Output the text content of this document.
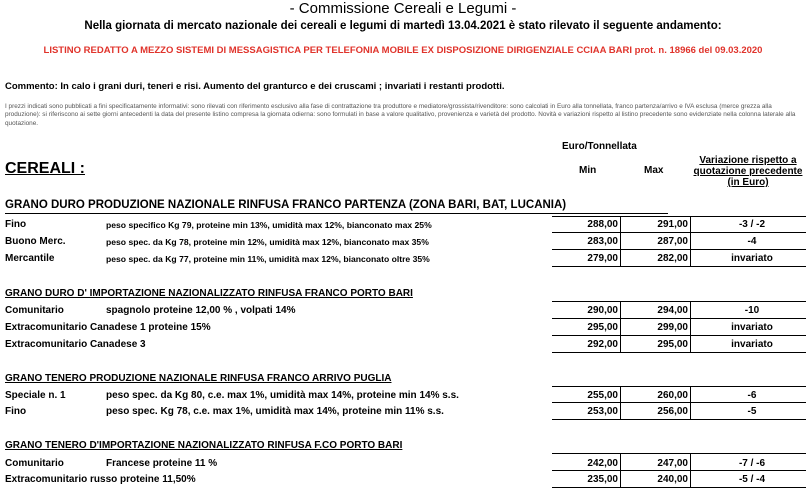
- Commissione Cereali e Legumi -
Nella giornata di mercato nazionale dei cereali e legumi di martedì 13.04.2021 è stato rilevato il seguente andamento:
LISTINO REDATTO A MEZZO SISTEMI DI MESSAGISTICA PER TELEFONIA MOBILE EX DISPOSIZIONE DIRIGENZIALE CCIAA BARI prot. n. 18966 del 09.03.2020
Commento: In calo i grani duri, teneri e risi. Aumento del granturco e dei cruscami ; invariati i restanti prodotti.
I prezzi indicati sono pubblicati a fini specificatamente informativi: sono rilevati con riferimento esclusivo alla fase di contrattazione tra produttore e mediatore/grossista/rivenditore: sono calcolati in Euro alla tonnellata, franco partenza/arrivo e IVA esclusa (merce grezza alla produzione): si riferiscono ai sette giorni antecedenti la data del presente listino compresa la giornata odierna: sono formulati in base a valore qualitativo, provenienza e varietà del prodotto. Novità e variazioni rispetto al listino precedente sono evidenziate nella colonna laterale alla quotazione.
CEREALI :
Euro/Tonnellata
Min	Max
Variazione rispetto a quotazione precedente (in Euro)
GRANO DURO PRODUZIONE NAZIONALE RINFUSA FRANCO PARTENZA (ZONA BARI, BAT, LUCANIA)
Fino	peso specifico Kg 79, proteine min 13%, umidità max 12%, bianconato max 25%	288,00	291,00	-3 / -2
Buono Merc.	peso spec. da Kg 78, proteine min 12%, umidità max 12%, bianconato max 35%	283,00	287,00	-4
Mercantile	peso spec. da Kg 77, proteine min 11%, umidità max 12%, bianconato oltre 35%	279,00	282,00	invariato
GRANO DURO D' IMPORTAZIONE NAZIONALIZZATO RINFUSA FRANCO PORTO BARI
Comunitario	spagnolo proteine 12,00 % , volpati 14%	290,00	294,00	-10
Extracomunitario Canadese 1 proteine 15%	295,00	299,00	invariato
Extracomunitario Canadese 3	292,00	295,00	invariato
GRANO TENERO PRODUZIONE NAZIONALE RINFUSA FRANCO ARRIVO PUGLIA
Speciale n. 1	peso spec. da Kg 80, c.e. max 1%, umidità max 14%, proteine min 14% s.s.	255,00	260,00	-6
Fino	peso spec. Kg 78, c.e. max 1%, umidità max 14%, proteine min 11% s.s.	253,00	256,00	-5
GRANO TENERO D'IMPORTAZIONE NAZIONALIZZATO RINFUSA F.CO PORTO BARI
Comunitario	Francese proteine 11 %	242,00	247,00	-7 / -6
Extracomunitario russo proteine 11,50%	235,00	240,00	-5 / -4
